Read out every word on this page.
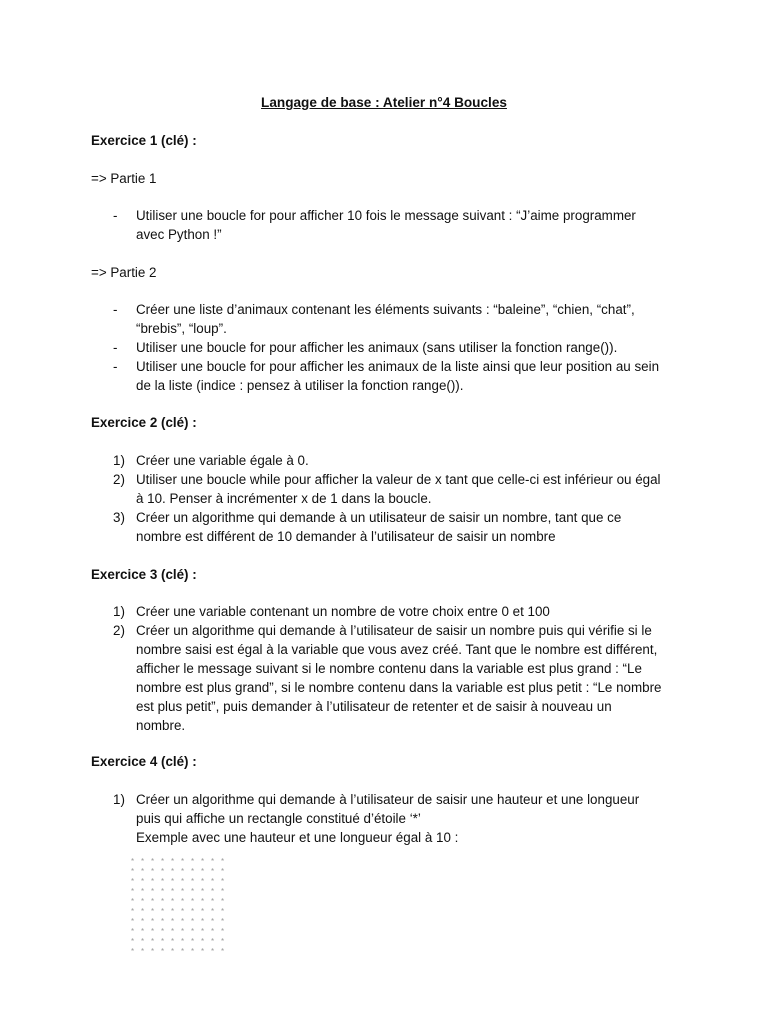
Langage de base : Atelier n°4 Boucles
Exercice 1 (clé) :
=> Partie 1
- Utiliser une boucle for pour afficher 10 fois le message suivant : “J’aime programmer
avec Python !”
=> Partie 2
- Créer une liste d’animaux contenant les éléments suivants : “baleine”, “chien, “chat”,
“brebis”, “loup”.
- Utiliser une boucle for pour afficher les animaux (sans utiliser la fonction range()).
- Utiliser une boucle for pour afficher les animaux de la liste ainsi que leur position au sein
de la liste (indice : pensez à utiliser la fonction range()).
Exercice 2 (clé) :
1) Créer une variable égale à 0.
2) Utiliser une boucle while pour afficher la valeur de x tant que celle-ci est inférieur ou égal
à 10. Penser à incrémenter x de 1 dans la boucle.
3) Créer un algorithme qui demande à un utilisateur de saisir un nombre, tant que ce
nombre est différent de 10 demander à l’utilisateur de saisir un nombre
Exercice 3 (clé) :
1) Créer une variable contenant un nombre de votre choix entre 0 et 100
2) Créer un algorithme qui demande à l’utilisateur de saisir un nombre puis qui vérifie si le
nombre saisi est égal à la variable que vous avez créé. Tant que le nombre est différent,
afficher le message suivant si le nombre contenu dans la variable est plus grand : “Le
nombre est plus grand”, si le nombre contenu dans la variable est plus petit : “Le nombre
est plus petit”, puis demander à l’utilisateur de retenter et de saisir à nouveau un
nombre.
Exercice 4 (clé) :
1) Créer un algorithme qui demande à l’utilisateur de saisir une hauteur et une longueur
puis qui affiche un rectangle constitué d’étoile ‘*’
Exemple avec une hauteur et une longueur égal à 10 :
* * * * * * * * * *
* * * * * * * * * *
* * * * * * * * * *
* * * * * * * * * *
* * * * * * * * * *
* * * * * * * * * *
* * * * * * * * * *
* * * * * * * * * *
* * * * * * * * * *
* * * * * * * * * *
